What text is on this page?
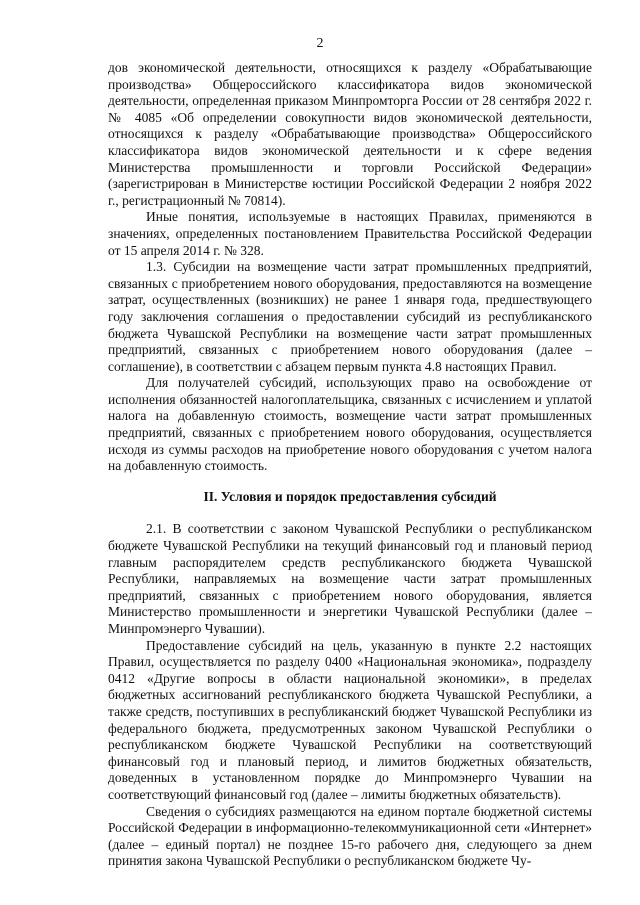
2

дов экономической деятельности, относящихся к разделу «Обрабатывающие производства» Общероссийского классификатора видов экономической деятельности, определенная приказом Минпромторга России от 28 сентября 2022 г. № 4085 «Об определении совокупности видов экономической деятельности, относящихся к разделу «Обрабатывающие производства» Общероссийского классификатора видов экономической деятельности и к сфере ведения Министерства промышленности и торговли Российской Федерации» (зарегистрирован в Министерстве юстиции Российской Федерации 2 ноября 2022 г., регистрационный № 70814).

Иные понятия, используемые в настоящих Правилах, применяются в значениях, определенных постановлением Правительства Российской Федерации от 15 апреля 2014 г. № 328.

1.3. Субсидии на возмещение части затрат промышленных предприятий, связанных с приобретением нового оборудования, предоставляются на возмещение затрат, осуществленных (возникших) не ранее 1 января года, предшествующего году заключения соглашения о предоставлении субсидий из республиканского бюджета Чувашской Республики на возмещение части затрат промышленных предприятий, связанных с приобретением нового оборудования (далее – соглашение), в соответствии с абзацем первым пункта 4.8 настоящих Правил.

Для получателей субсидий, использующих право на освобождение от исполнения обязанностей налогоплательщика, связанных с исчислением и уплатой налога на добавленную стоимость, возмещение части затрат промышленных предприятий, связанных с приобретением нового оборудования, осуществляется исходя из суммы расходов на приобретение нового оборудования с учетом налога на добавленную стоимость.

II. Условия и порядок предоставления субсидий

2.1. В соответствии с законом Чувашской Республики о республиканском бюджете Чувашской Республики на текущий финансовый год и плановый период главным распорядителем средств республиканского бюджета Чувашской Республики, направляемых на возмещение части затрат промышленных предприятий, связанных с приобретением нового оборудования, является Министерство промышленности и энергетики Чувашской Республики (далее – Минпромэнерго Чувашии).

Предоставление субсидий на цель, указанную в пункте 2.2 настоящих Правил, осуществляется по разделу 0400 «Национальная экономика», подразделу 0412 «Другие вопросы в области национальной экономики», в пределах бюджетных ассигнований республиканского бюджета Чувашской Республики, а также средств, поступивших в республиканский бюджет Чувашской Республики из федерального бюджета, предусмотренных законом Чувашской Республики о республиканском бюджете Чувашской Республики на соответствующий финансовый год и плановый период, и лимитов бюджетных обязательств, доведенных в установленном порядке до Минпромэнерго Чувашии на соответствующий финансовый год (далее – лимиты бюджетных обязательств).

Сведения о субсидиях размещаются на едином портале бюджетной системы Российской Федерации в информационно-телекоммуникационной сети «Интернет» (далее – единый портал) не позднее 15-го рабочего дня, следующего за днем принятия закона Чувашской Республики о республиканском бюджете Чу-
